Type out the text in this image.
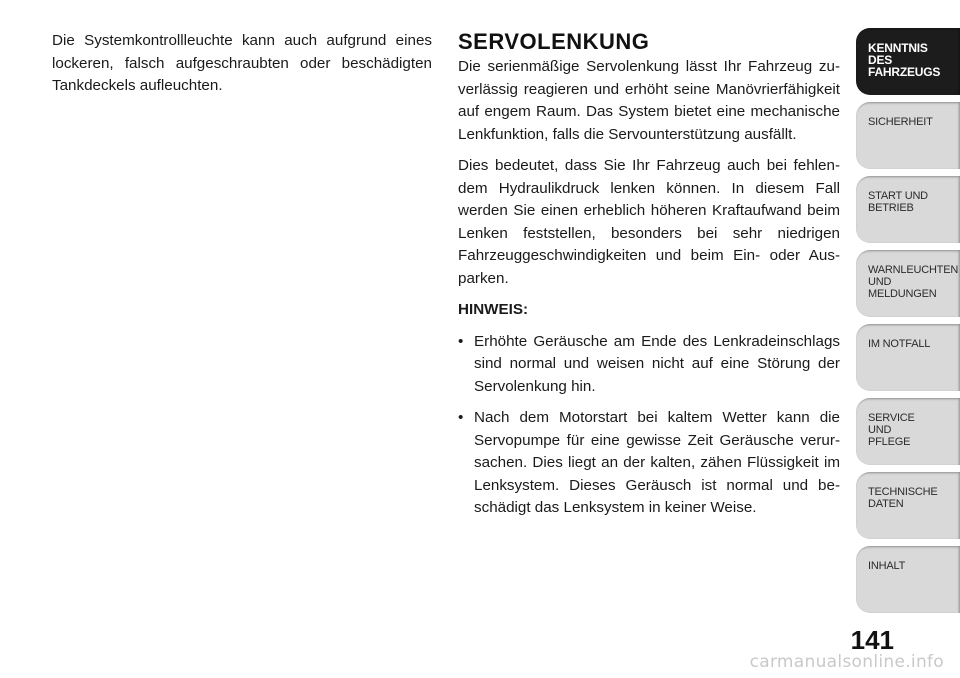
Die Systemkontrollleuchte kann auch aufgrund eines lockeren, falsch aufgeschraubten oder beschädigten Tankdeckels aufleuchten.

SERVOLENKUNG

Die serienmäßige Servolenkung lässt Ihr Fahrzeug zuverlässig reagieren und erhöht seine Manövrierfähigkeit auf engem Raum. Das System bietet eine mechanische Lenkfunktion, falls die Servounterstützung ausfällt.

Dies bedeutet, dass Sie Ihr Fahrzeug auch bei fehlendem Hydraulikdruck lenken können. In diesem Fall werden Sie einen erheblich höheren Kraftaufwand beim Lenken feststellen, besonders bei sehr niedrigen Fahrzeuggeschwindigkeiten und beim Ein- oder Ausparken.

HINWEIS:
• Erhöhte Geräusche am Ende des Lenkradeinschlags sind normal und weisen nicht auf eine Störung der Servolenkung hin.
• Nach dem Motorstart bei kaltem Wetter kann die Servopumpe für eine gewisse Zeit Geräusche verursachen. Dies liegt an der kalten, zähen Flüssigkeit im Lenksystem. Dieses Geräusch ist normal und beschädigt das Lenksystem in keiner Weise.
KENNTNIS
DES
FAHRZEUGS
SICHERHEIT
START UND
BETRIEB
WARNLEUCHTEN
UND
MELDUNGEN
IM NOTFALL
SERVICE
UND
PFLEGE
TECHNISCHE
DATEN
INHALT
141
carmanualsonline.info
